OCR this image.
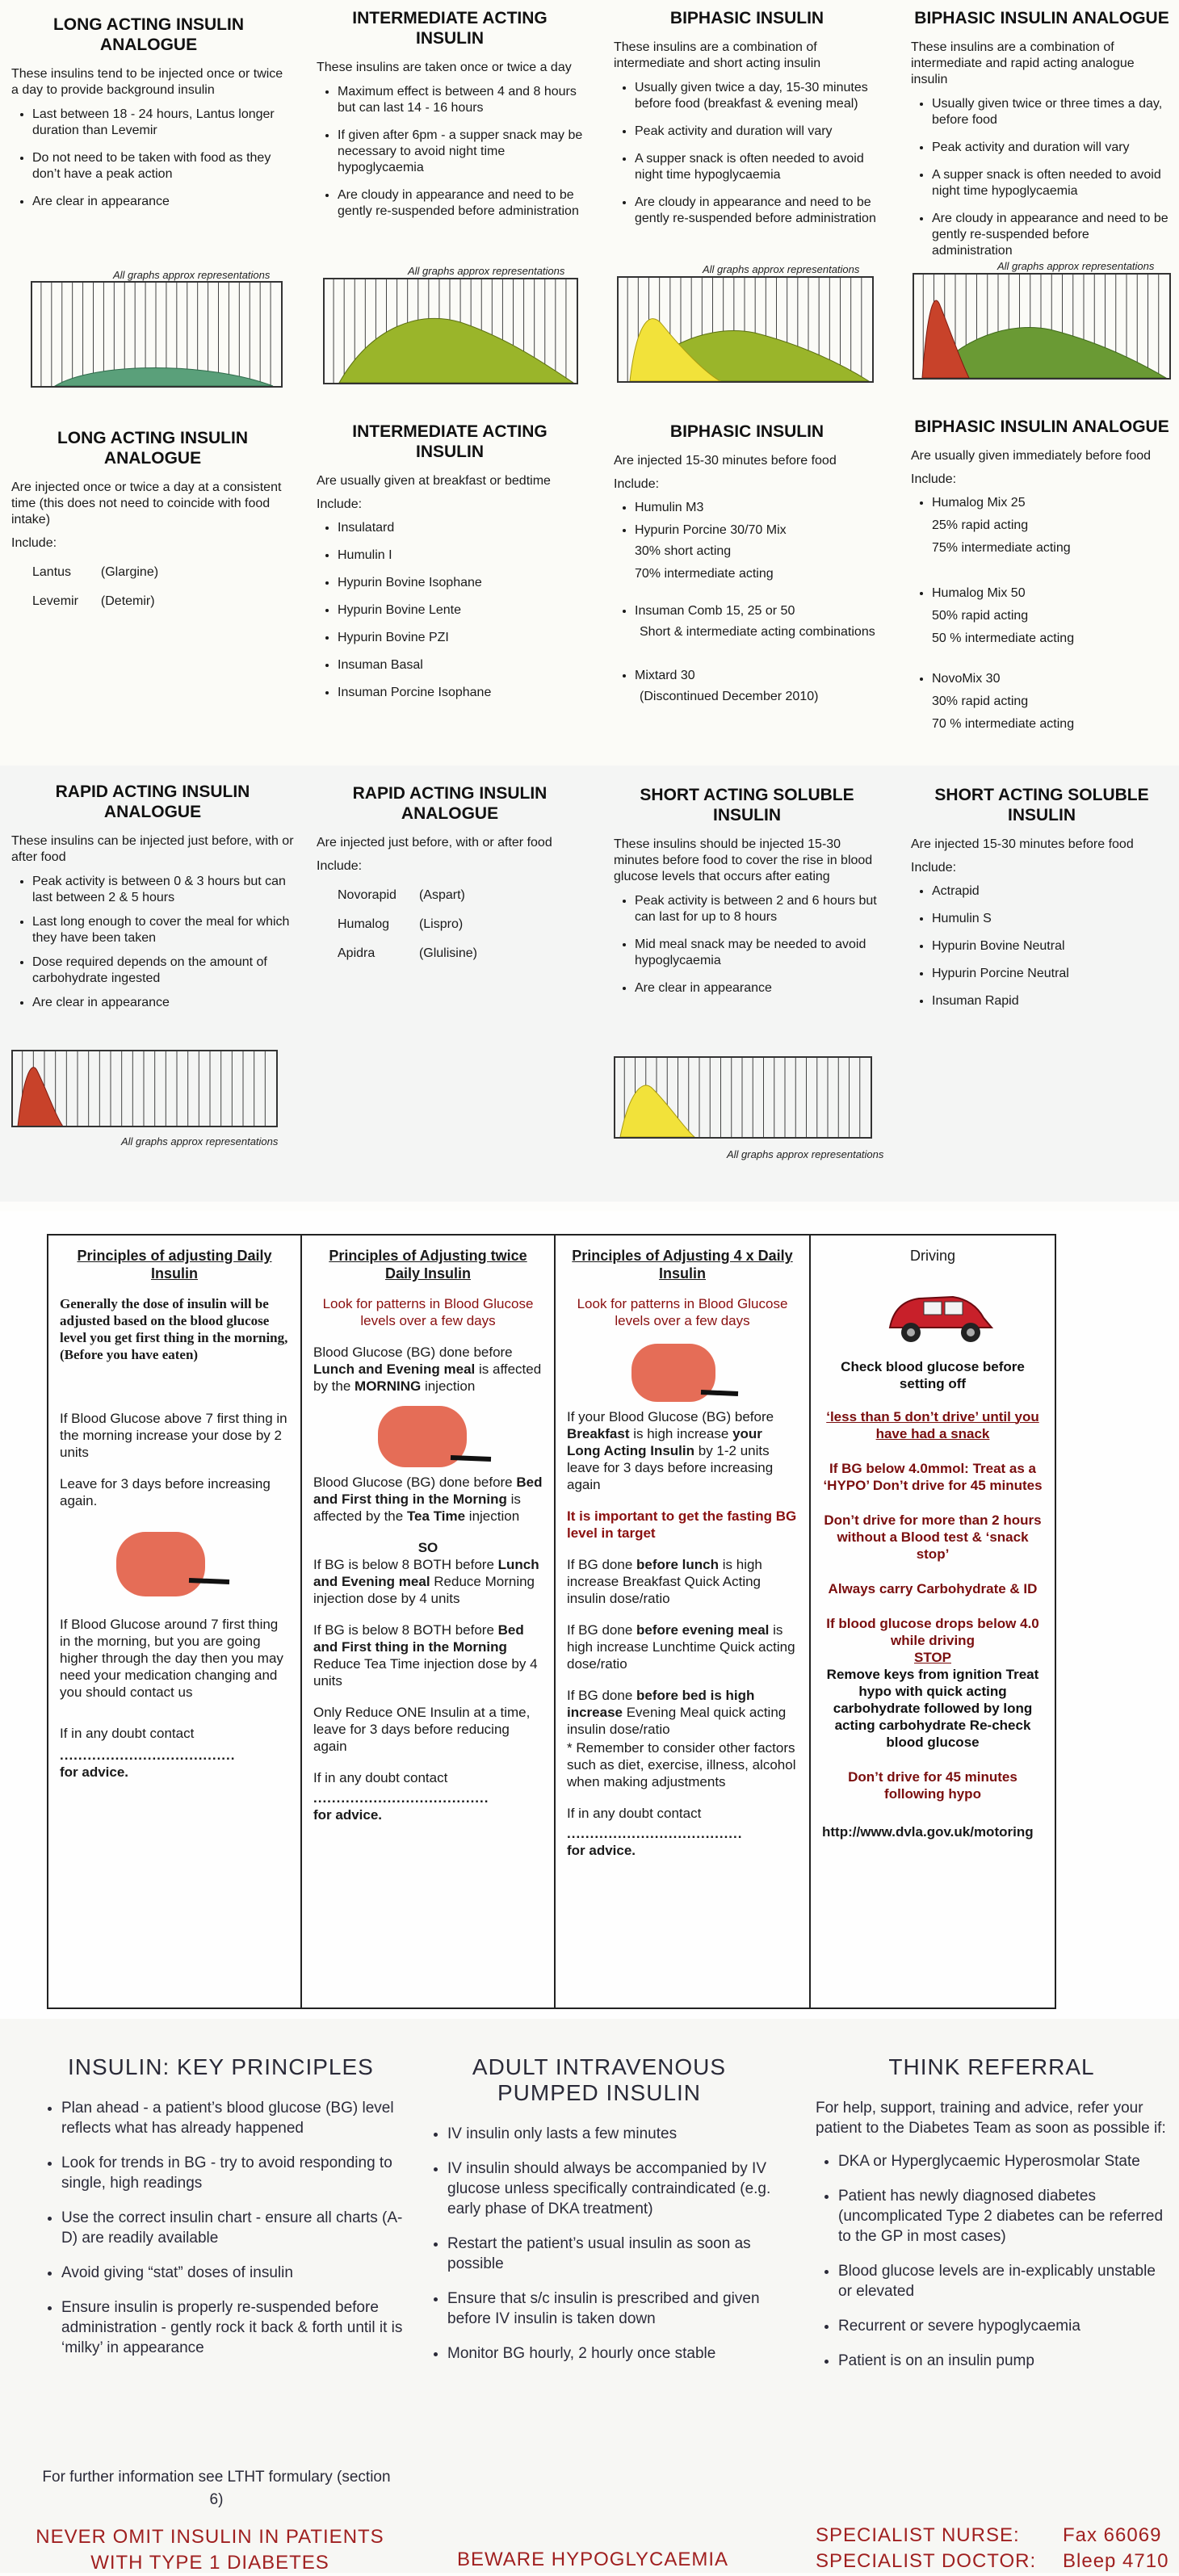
LONG ACTING INSULIN ANALOGUE

These insulins tend to be injected once or twice a day to provide background insulin

• Last between 18 - 24 hours, Lantus longer duration than Levemir
• Do not need to be taken with food as they don’t have a peak action
• Are clear in appearance
INTERMEDIATE ACTING INSULIN

These insulins are taken once or twice a day

• Maximum effect is between 4 and 8 hours but can last 14 - 16 hours
• If given after 6pm - a supper snack may be necessary to avoid night time hypoglycaemia
• Are cloudy in appearance and need to be gently re-suspended before administration
BIPHASIC INSULIN

These insulins are a combination of intermediate and short acting insulin

• Usually given twice a day, 15-30 minutes before food (breakfast & evening meal)
• Peak activity and duration will vary
• A supper snack is often needed to avoid night time hypoglycaemia
• Are cloudy in appearance and need to be gently re-suspended before administration
BIPHASIC INSULIN ANALOGUE

These insulins are a combination of intermediate and rapid acting analogue insulin

• Usually given twice or three times a day, before food
• Peak activity and duration will vary
• A supper snack is often needed to avoid night time hypoglycaemia
• Are cloudy in appearance and need to be gently re-suspended before administration
All graphs approx representations	All graphs approx representations	All graphs approx representations	All graphs approx representations
LONG ACTING INSULIN ANALOGUE

Are injected once or twice a day at a consistent time (this does not need to coincide with food intake)

Include:
Lantus	(Glargine)
Levemir	(Detemir)
INTERMEDIATE ACTING INSULIN

Are usually given at breakfast or bedtime

Include:
• Insulatard
• Humulin I
• Hypurin Bovine Isophane
• Hypurin Bovine Lente
• Hypurin Bovine PZI
• Insuman Basal
• Insuman Porcine Isophane
BIPHASIC INSULIN

Are injected 15-30 minutes before food

Include:
• Humulin M3
• Hypurin Porcine 30/70 Mix
30% short acting
70% intermediate acting
• Insuman Comb 15, 25 or 50
Short & intermediate acting combinations
• Mixtard 30
(Discontinued December 2010)
BIPHASIC INSULIN ANALOGUE

Are usually given immediately before food

Include:
• Humalog Mix 25
25% rapid acting
75% intermediate acting
• Humalog Mix 50
50% rapid acting
50 % intermediate acting
• NovoMix 30
30% rapid acting
70 % intermediate acting
RAPID ACTING INSULIN ANALOGUE

These insulins can be injected just before, with or after food

• Peak activity is between 0 & 3 hours but can last between 2 & 5 hours
• Last long enough to cover the meal for which they have been taken
• Dose required depends on the amount of carbohydrate ingested
• Are clear in appearance
RAPID ACTING INSULIN ANALOGUE

Are injected just before, with or after food

Include:
Novorapid	(Aspart)
Humalog	(Lispro)
Apidra	(Glulisine)
SHORT ACTING SOLUBLE INSULIN

These insulins should be injected 15-30 minutes before food to cover the rise in blood glucose levels that occurs after eating

• Peak activity is between 2 and 6 hours but can last for up to 8 hours
• Mid meal snack may be needed to avoid hypoglycaemia
• Are clear in appearance
SHORT ACTING SOLUBLE INSULIN

Are injected 15-30 minutes before food

Include:
• Actrapid
• Humulin S
• Hypurin Bovine Neutral
• Hypurin Porcine Neutral
• Insuman Rapid
All graphs approx representations
All graphs approx representations
Principles of adjusting Daily Insulin
Generally the dose of insulin will be adjusted based on the blood glucose level you get first thing in the morning, (Before you have eaten)
If Blood Glucose above 7 first thing in the morning increase your dose by 2 units
Leave for 3 days before increasing again.
If Blood Glucose around 7 first thing in the morning, but you are going higher through the day then you may need your medication changing and you should contact us
If in any doubt contact
......................................
for advice.
Principles of Adjusting twice Daily Insulin
Look for patterns in Blood Glucose levels over a few days
Blood Glucose (BG) done before Lunch and Evening meal is affected by the MORNING injection
Blood Glucose (BG) done before Bed and First thing in the Morning is affected by the Tea Time injection
SO
If BG is below 8 BOTH before Lunch and Evening meal Reduce Morning injection dose by 4 units
If BG is below 8 BOTH before Bed and First thing in the Morning Reduce Tea Time injection dose by 4 units
Only Reduce ONE Insulin at a time, leave for 3 days before reducing again
If in any doubt contact
......................................
for advice.
Principles of Adjusting 4 x Daily Insulin
Look for patterns in Blood Glucose levels over a few days
If your Blood Glucose (BG) before Breakfast is high increase your Long Acting Insulin by 1-2 units leave for 3 days before increasing again
It is important to get the fasting BG level in target
If BG done before lunch is high increase Breakfast Quick Acting insulin dose/ratio
If BG done before evening meal is high increase Lunchtime Quick acting dose/ratio
If BG done before bed is high increase Evening Meal quick acting insulin dose/ratio
* Remember to consider other factors such as diet, exercise, illness, alcohol when making adjustments
If in any doubt contact
......................................
for advice.
Driving
Check blood glucose before setting off
‘less than 5 don’t drive’ until you have had a snack
If BG below 4.0mmol: Treat as a ‘HYPO’ Don’t drive for 45 minutes
Don’t drive for more than 2 hours without a Blood test & ‘snack stop’
Always carry Carbohydrate & ID
If blood glucose drops below 4.0 while driving
STOP
Remove keys from ignition Treat hypo with quick acting carbohydrate followed by long acting carbohydrate Re-check blood glucose
Don’t drive for 45 minutes following hypo
http://www.dvla.gov.uk/motoring
INSULIN: KEY PRINCIPLES
• Plan ahead - a patient’s blood glucose (BG) level reflects what has already happened
• Look for trends in BG - try to avoid responding to single, high readings
• Use the correct insulin chart - ensure all charts (A-D) are readily available
• Avoid giving “stat” doses of insulin
• Ensure insulin is properly re-suspended before administration - gently rock it back & forth until it is ‘milky’ in appearance
For further information see LTHT formulary (section 6)
ADULT INTRAVENOUS PUMPED INSULIN
• IV insulin only lasts a few minutes
• IV insulin should always be accompanied by IV glucose unless specifically contraindicated (e.g. early phase of DKA treatment)
• Restart the patient’s usual insulin as soon as possible
• Ensure that s/c insulin is prescribed and given before IV insulin is taken down
• Monitor BG hourly, 2 hourly once stable
THINK REFERRAL
For help, support, training and advice, refer your patient to the Diabetes Team as soon as possible if:
• DKA or Hyperglycaemic Hyperosmolar State
• Patient has newly diagnosed diabetes (uncomplicated Type 2 diabetes can be referred to the GP in most cases)
• Blood glucose levels are in-explicably unstable or elevated
• Recurrent or severe hypoglycaemia
• Patient is on an insulin pump
NEVER OMIT INSULIN IN PATIENTS WITH TYPE 1 DIABETES	BEWARE HYPOGLYCAEMIA
SPECIALIST NURSE: Fax 66069
SPECIALIST DOCTOR: Bleep 4710
